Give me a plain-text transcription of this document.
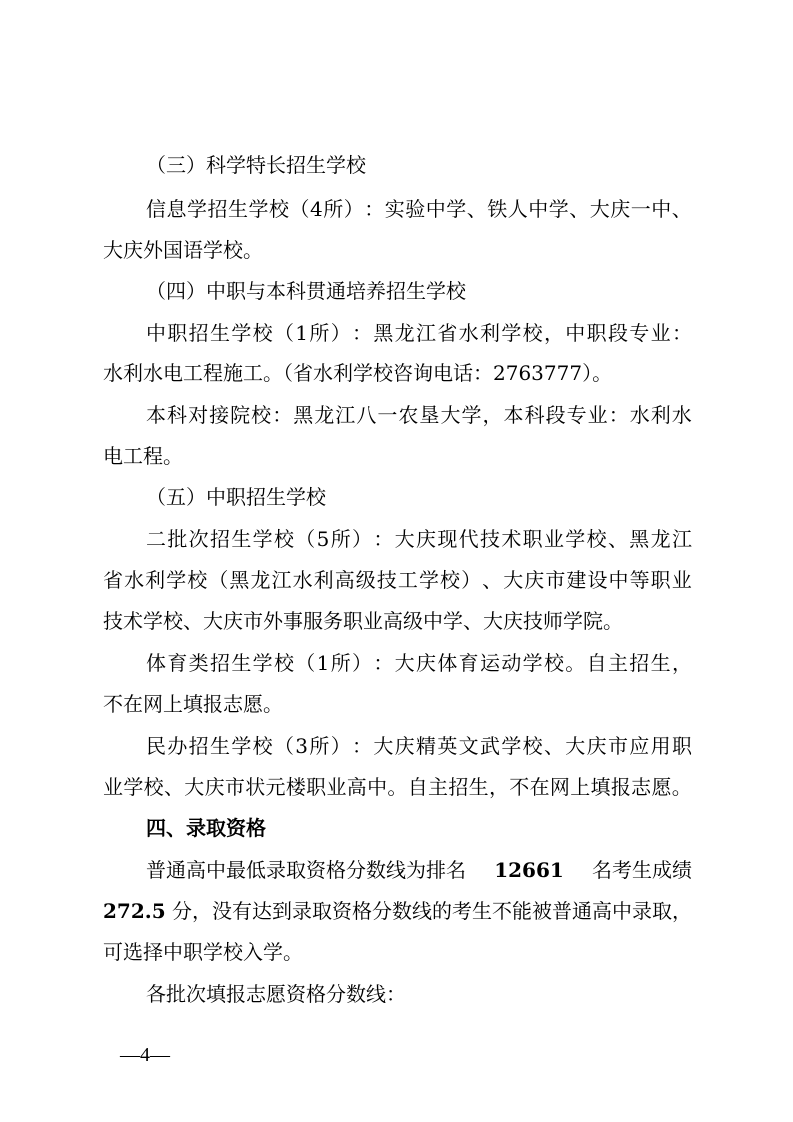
（三）科学特长招生学校
信 息 学 招 生 学 校 （ 4 所 ） ： 实 验 中 学 、 铁 人 中 学 、 大 庆 一 中 、
大庆外国语学校。
（四）中职与本科贯通培养招生学校
中 职 招 生 学 校 （ 1 所 ） ： 黑 龙 江 省 水 利 学 校 ， 中 职 段 专 业 ：
水利水电工程施工。（省水利学校咨询电话：2763777）。
本 科 对 接 院 校 ： 黑 龙 江 八 一 农 垦 大 学 ， 本 科 段 专 业 ： 水 利 水
电工程。
（五）中职招生学校
二 批 次 招 生 学 校 （ 5 所 ） ： 大 庆 现 代 技 术 职 业 学 校 、 黑 龙 江
省 水 利 学 校 （ 黑 龙 江 水 利 高 级 技 工 学 校 ） 、 大 庆 市 建 设 中 等 职 业
技术学校、大庆市外事服务职业高级中学、大庆技师学院。
体 育 类 招 生 学 校 （ 1 所 ） ： 大 庆 体 育 运 动 学 校 。 自 主 招 生 ，
不在网上填报志愿。
民 办 招 生 学 校 （ 3 所 ） ： 大 庆 精 英 文 武 学 校 、 大 庆 市 应 用 职
业 学 校 、 大 庆 市 状 元 楼 职 业 高 中 。 自 主 招 生 ， 不 在 网 上 填 报 志 愿 。
四、录取资格
普通高中最低录取资格分数线为排名 12661 名考生成绩
272.5 分，没有达到录取资格分数线的考生不能被普通高中录取，
可选择中职学校入学。
各批次填报志愿资格分数线：
—4—
